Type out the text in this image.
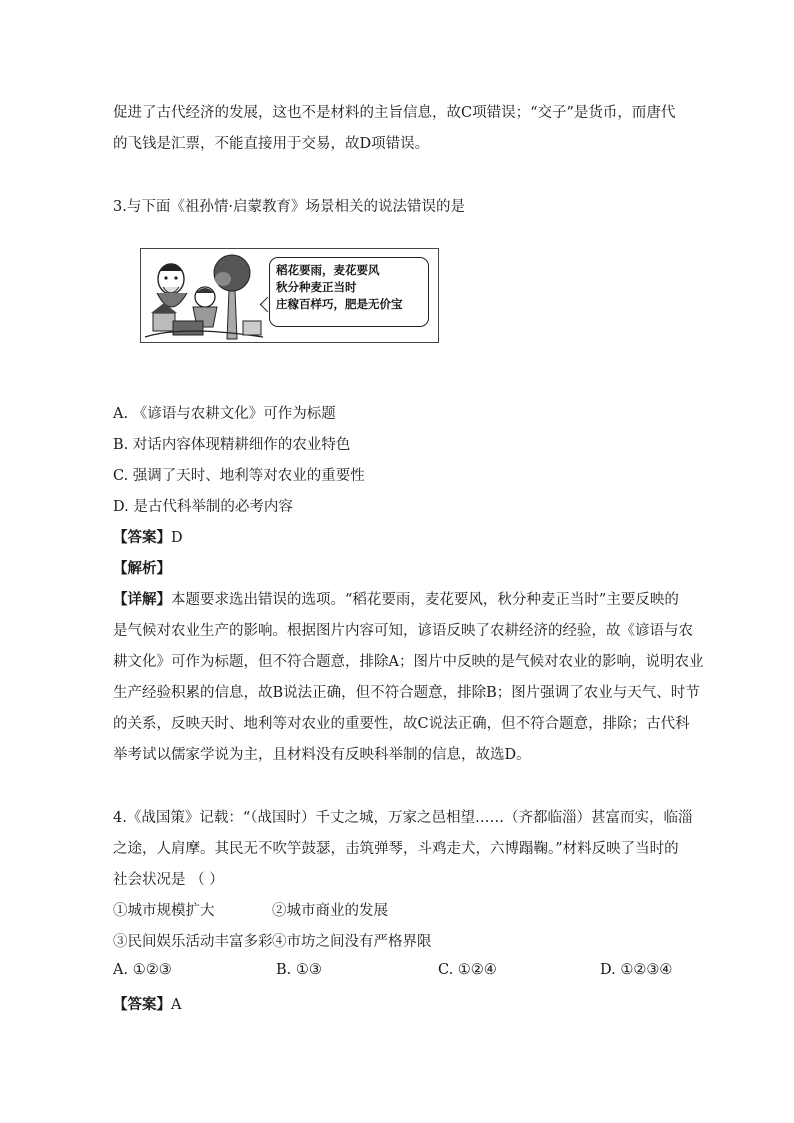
促进了古代经济的发展，这也不是材料的主旨信息，故C项错误；“交子”是货币，而唐代
的飞钱是汇票，不能直接用于交易，故D项错误。
3.与下面《祖孙情·启蒙教育》场景相关的说法错误的是
稻花要雨，麦花要风
秋分种麦正当时
庄稼百样巧，肥是无价宝
A. 《谚语与农耕文化》可作为标题
B. 对话内容体现精耕细作的农业特色
C. 强调了天时、地利等对农业的重要性
D. 是古代科举制的必考内容
【答案】D
【解析】
【详解】本题要求选出错误的选项。“稻花要雨，麦花要风，秋分种麦正当时”主要反映的
是气候对农业生产的影响。根据图片内容可知，谚语反映了农耕经济的经验，故《谚语与农
耕文化》可作为标题，但不符合题意，排除A；图片中反映的是气候对农业的影响，说明农业
生产经验积累的信息，故B说法正确，但不符合题意，排除B；图片强调了农业与天气、时节
的关系，反映天时、地利等对农业的重要性，故C说法正确，但不符合题意，排除；古代科
举考试以儒家学说为主，且材料没有反映科举制的信息，故选D。
4.《战国策》记载：“（战国时）千丈之城，万家之邑相望……（齐都临淄）甚富而实，临淄
之途，人肩摩。其民无不吹竽鼓瑟，击筑弹琴，斗鸡走犬，六博蹋鞠。”材料反映了当时的
社会状况是 （ ）
①城市规模扩大	②城市商业的发展
③民间娱乐活动丰富多彩 ④市坊之间没有严格界限
A. ①②③	B. ①③	C. ①②④	D. ①②③④
【答案】A
